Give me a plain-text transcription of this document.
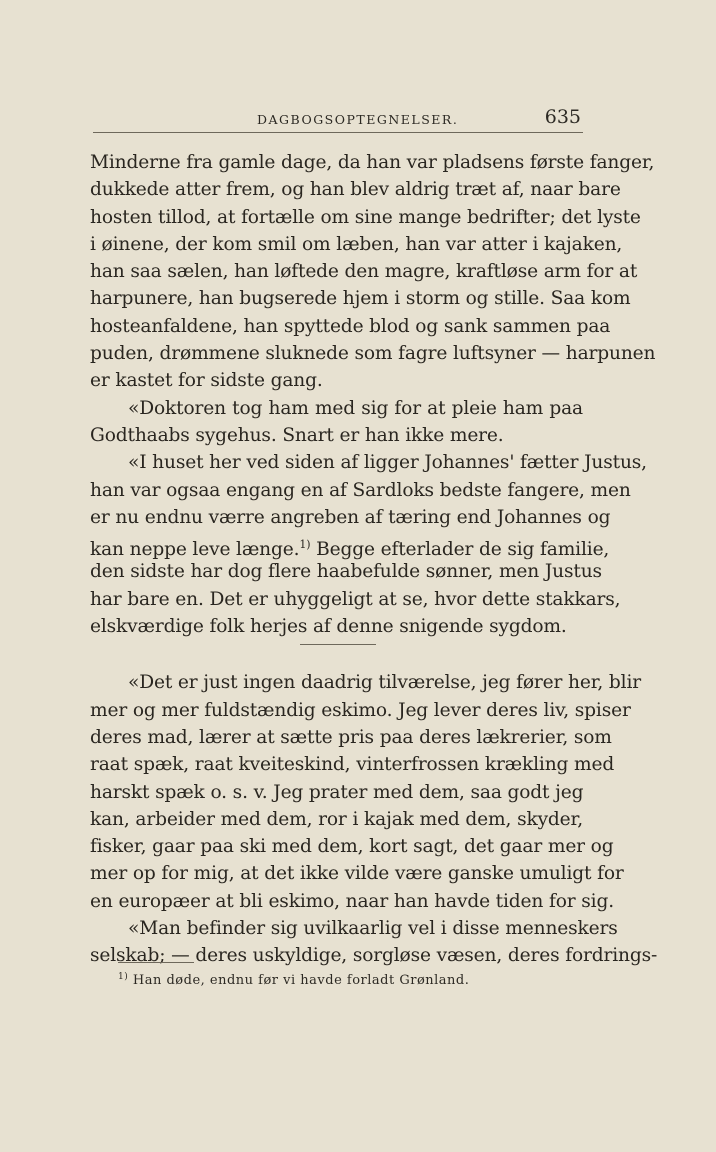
DAGBOGSOPTEGNELSER.	635
Minderne fra gamle dage, da han var pladsens første fanger,
dukkede atter frem, og han blev aldrig træt af, naar bare
hosten tillod, at fortælle om sine mange bedrifter; det lyste
i øinene, der kom smil om læben, han var atter i kajaken,
han saa sælen, han løftede den magre, kraftløse arm for at
harpunere, han bugserede hjem i storm og stille. Saa kom
hosteanfaldene, han spyttede blod og sank sammen paa
puden, drømmene sluknede som fagre luftsyner — harpunen
er kastet for sidste gang.
«Doktoren tog ham med sig for at pleie ham paa
Godthaabs sygehus. Snart er han ikke mere.
«I huset her ved siden af ligger Johannes' fætter Justus,
han var ogsaa engang en af Sardloks bedste fangere, men
er nu endnu værre angreben af tæring end Johannes og
kan neppe leve længe.$^{1)}$ Begge efterlader de sig familie,
den sidste har dog flere haabefulde sønner, men Justus
har bare en. Det er uhyggeligt at se, hvor dette stakkars,
elskværdige folk herjes af denne snigende sygdom.
«Det er just ingen daadrig tilværelse, jeg fører her, blir
mer og mer fuldstændig eskimo. Jeg lever deres liv, spiser
deres mad, lærer at sætte pris paa deres lækrerier, som
raat spæk, raat kveiteskind, vinterfrossen krækling med
harskt spæk o. s. v. Jeg prater med dem, saa godt jeg
kan, arbeider med dem, ror i kajak med dem, skyder,
fisker, gaar paa ski med dem, kort sagt, det gaar mer og
mer op for mig, at det ikke vilde være ganske umuligt for
en europæer at bli eskimo, naar han havde tiden for sig.
«Man befinder sig uvilkaarlig vel i disse menneskers
selskab; — deres uskyldige, sorgløse væsen, deres fordrings-
$^{1)}$ Han døde, endnu før vi havde forladt Grønland.
